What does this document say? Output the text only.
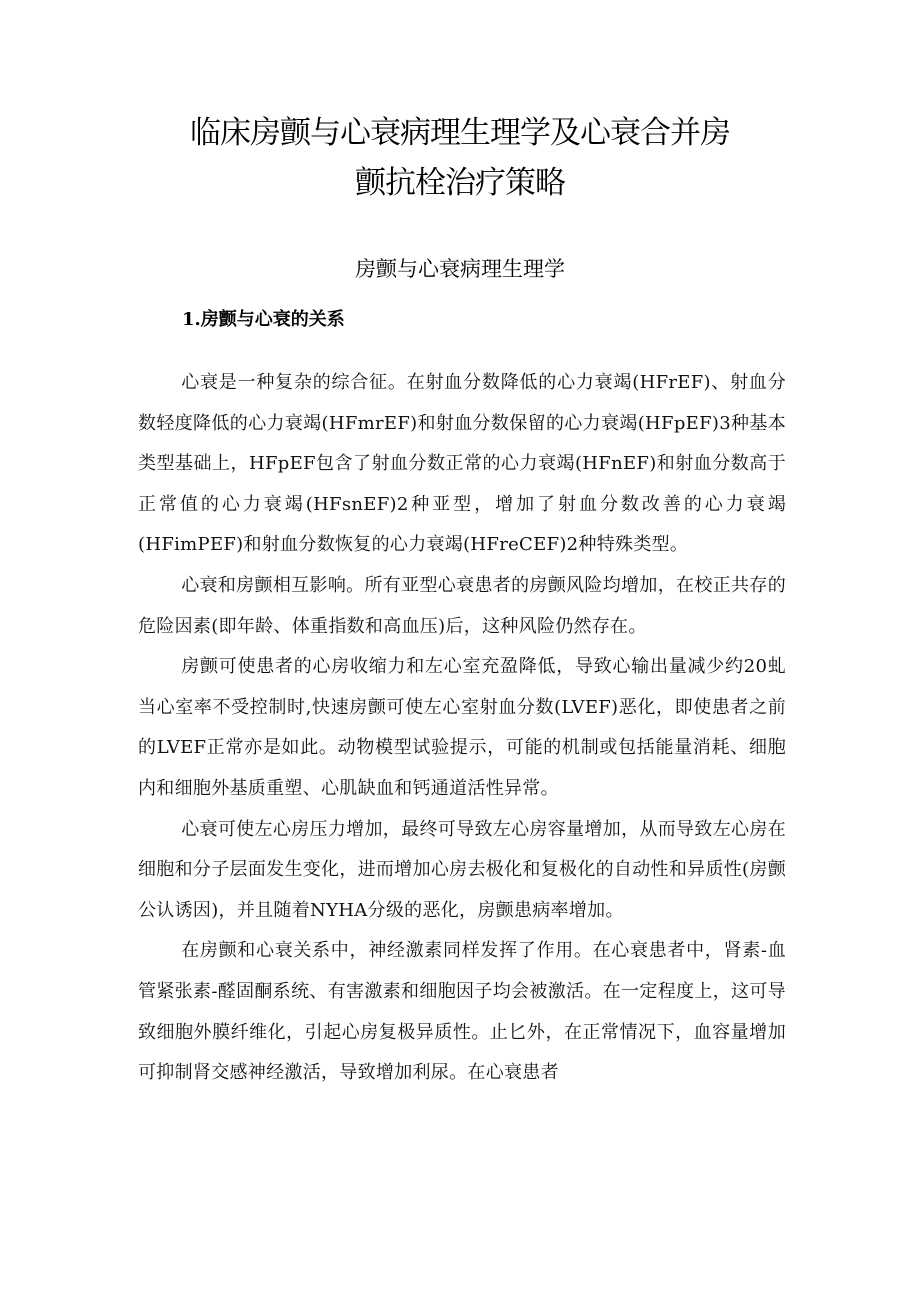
临床房颤与心衰病理生理学及心衰合并房
颤抗栓治疗策略
房颤与心衰病理生理学
1.房颤与心衰的关系

心衰是一种复杂的综合征。在射血分数降低的心力衰竭(HFrEF)、射血分数轻度降低的心力衰竭(HFmrEF)和射血分数保留的心力衰竭(HFpEF)3种基本类型基础上，HFpEF包含了射血分数正常的心力衰竭(HFnEF)和射血分数高于正常值的心力衰竭(HFsnEF)2种亚型，增加了射血分数改善的心力衰竭(HFimPEF)和射血分数恢复的心力衰竭(HFreCEF)2种特殊类型。

心衰和房颤相互影响。所有亚型心衰患者的房颤风险均增加，在校正共存的危险因素(即年龄、体重指数和高血压)后，这种风险仍然存在。

房颤可使患者的心房收缩力和左心室充盈降低，导致心输出量减少约20虬当心室率不受控制时,快速房颤可使左心室射血分数(LVEF)恶化，即使患者之前的LVEF正常亦是如此。动物模型试验提示，可能的机制或包括能量消耗、细胞内和细胞外基质重塑、心肌缺血和钙通道活性异常。

心衰可使左心房压力增加，最终可导致左心房容量增加，从而导致左心房在细胞和分子层面发生变化，进而增加心房去极化和复极化的自动性和异质性(房颤公认诱因)，并且随着NYHA分级的恶化，房颤患病率增加。

在房颤和心衰关系中，神经激素同样发挥了作用。在心衰患者中，肾素-血管紧张素-醛固酮系统、有害激素和细胞因子均会被激活。在一定程度上，这可导致细胞外膜纤维化，引起心房复极异质性。止匕外，在正常情况下，血容量增加可抑制肾交感神经激活，导致增加利尿。在心衰患者
